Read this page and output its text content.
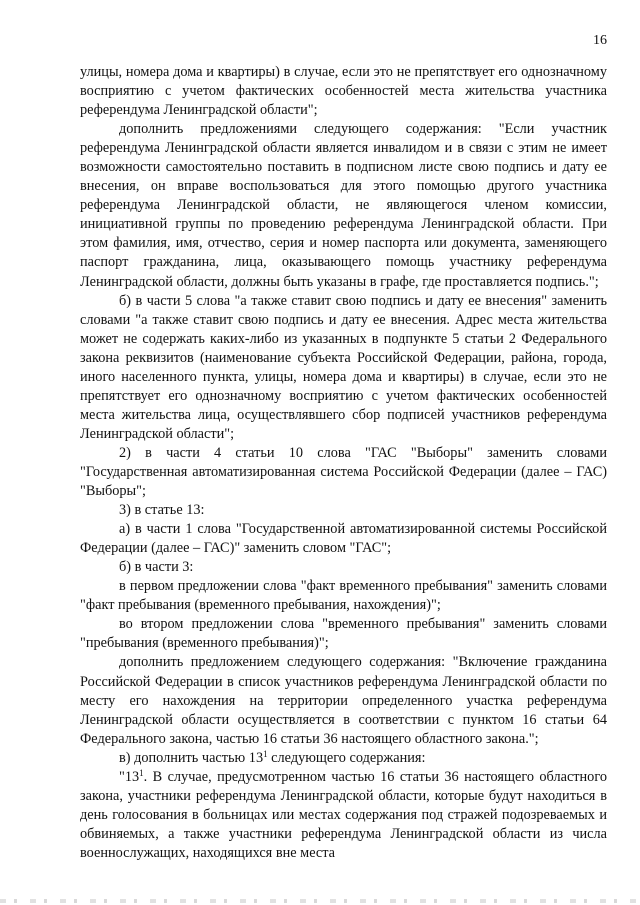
16

улицы, номера дома и квартиры) в случае, если это не препятствует его однозначному восприятию с учетом фактических особенностей места жительства участника референдума Ленинградской области";

дополнить предложениями следующего содержания: "Если участник референдума Ленинградской области является инвалидом и в связи с этим не имеет возможности самостоятельно поставить в подписном листе свою подпись и дату ее внесения, он вправе воспользоваться для этого помощью другого участника референдума Ленинградской области, не являющегося членом комиссии, инициативной группы по проведению референдума Ленинградской области. При этом фамилия, имя, отчество, серия и номер паспорта или документа, заменяющего паспорт гражданина, лица, оказывающего помощь участнику референдума Ленинградской области, должны быть указаны в графе, где проставляется подпись.";

б) в части 5 слова "а также ставит свою подпись и дату ее внесения" заменить словами "а также ставит свою подпись и дату ее внесения. Адрес места жительства может не содержать каких-либо из указанных в подпункте 5 статьи 2 Федерального закона реквизитов (наименование субъекта Российской Федерации, района, города, иного населенного пункта, улицы, номера дома и квартиры) в случае, если это не препятствует его однозначному восприятию с учетом фактических особенностей места жительства лица, осуществлявшего сбор подписей участников референдума Ленинградской области";

2) в части 4 статьи 10 слова "ГАС "Выборы" заменить словами "Государственная автоматизированная система Российской Федерации (далее – ГАС) "Выборы";

3) в статье 13:

а) в части 1 слова "Государственной автоматизированной системы Российской Федерации (далее – ГАС)" заменить словом "ГАС";

б) в части 3:

в первом предложении слова "факт временного пребывания" заменить словами "факт пребывания (временного пребывания, нахождения)";

во втором предложении слова "временного пребывания" заменить словами "пребывания (временного пребывания)";

дополнить предложением следующего содержания: "Включение гражданина Российской Федерации в список участников референдума Ленинградской области по месту его нахождения на территории определенного участка референдума Ленинградской области осуществляется в соответствии с пунктом 16 статьи 64 Федерального закона, частью 16 статьи 36 настоящего областного закона.";

в) дополнить частью $13^1$ следующего содержания:

"$13^1$. В случае, предусмотренном частью 16 статьи 36 настоящего областного закона, участники референдума Ленинградской области, которые будут находиться в день голосования в больницах или местах содержания под стражей подозреваемых и обвиняемых, а также участники референдума Ленинградской области из числа военнослужащих, находящихся вне места
